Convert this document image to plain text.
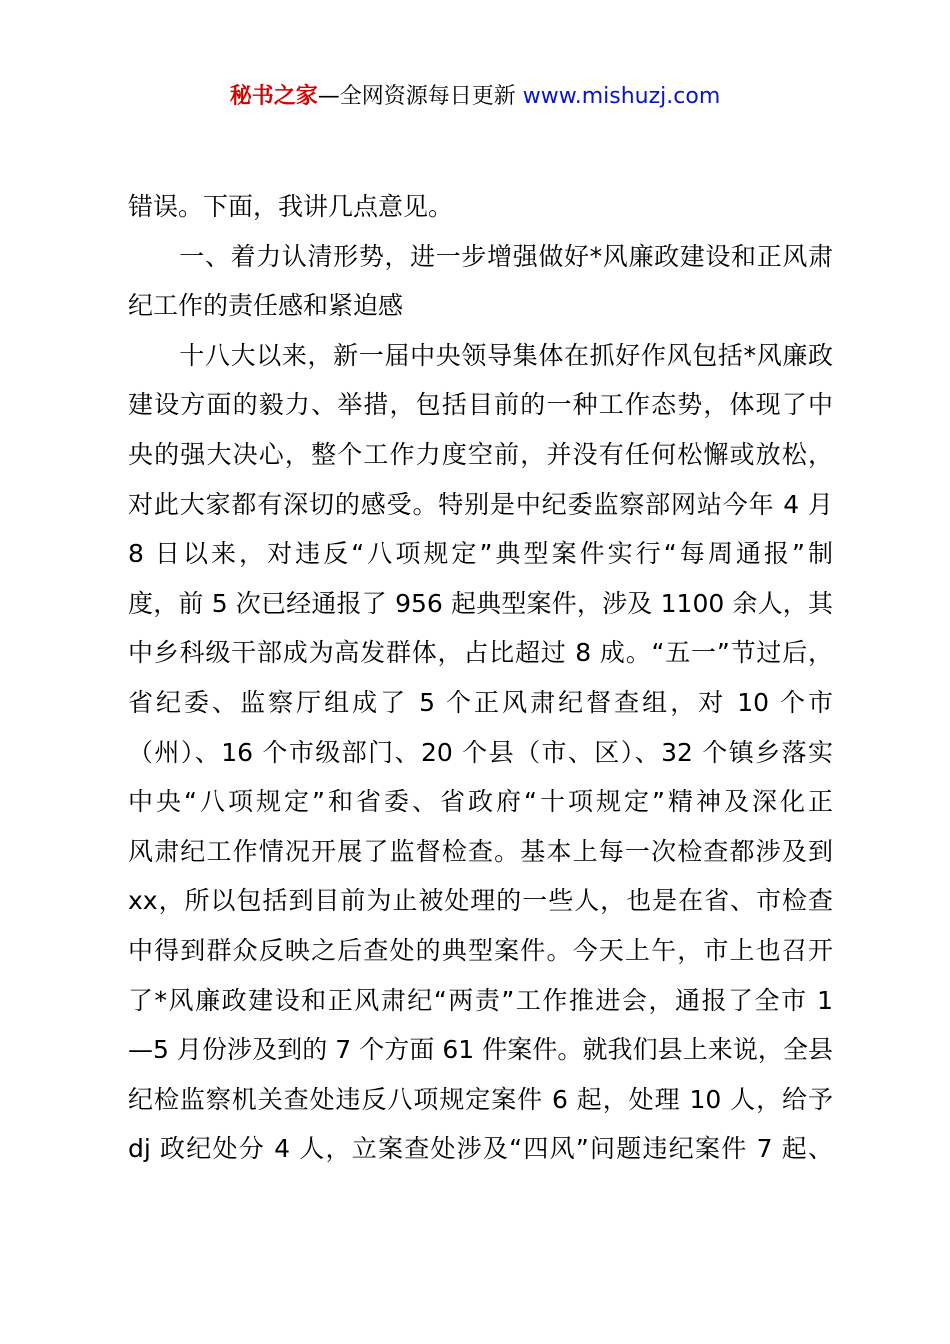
秘书之家—全网资源每日更新 www.mishuzj.com
错误。下面，我讲几点意见。
　　一、着力认清形势，进一步增强做好*风廉政建设和正风肃
纪工作的责任感和紧迫感
　　十八大以来，新一届中央领导集体在抓好作风包括*风廉政
建设方面的毅力、举措，包括目前的一种工作态势，体现了中
央的强大决心，整个工作力度空前，并没有任何松懈或放松，
对此大家都有深切的感受。特别是中纪委监察部网站今年 4 月
8 日以来，对违反“八项规定”典型案件实行“每周通报”制
度，前 5 次已经通报了 956 起典型案件，涉及 1100 余人，其
中乡科级干部成为高发群体，占比超过 8 成。“五一”节过后，
省纪委、监察厅组成了 5 个正风肃纪督查组，对 10 个市
（州）、16 个市级部门、20 个县（市、区）、32 个镇乡落实
中央“八项规定”和省委、省政府“十项规定”精神及深化正
风肃纪工作情况开展了监督检查。基本上每一次检查都涉及到
xx，所以包括到目前为止被处理的一些人，也是在省、市检查
中得到群众反映之后查处的典型案件。今天上午，市上也召开
了*风廉政建设和正风肃纪“两责”工作推进会，通报了全市 1
—5 月份涉及到的 7 个方面 61 件案件。就我们县上来说，全县
纪检监察机关查处违反八项规定案件 6 起，处理 10 人，给予
dj 政纪处分 4 人，立案查处涉及“四风”问题违纪案件 7 起、
